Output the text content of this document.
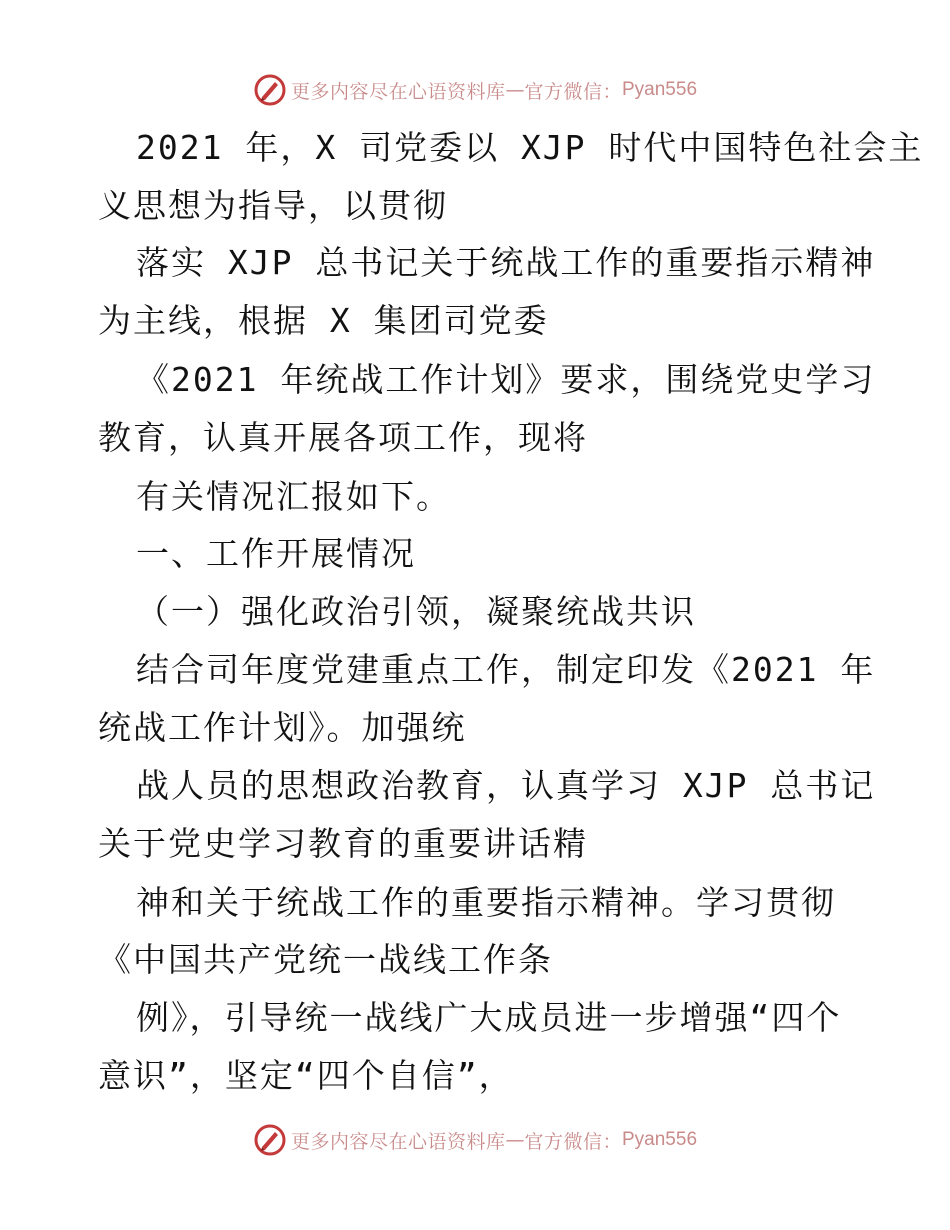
更多内容尽在心语资料库 — 官方微信： Pyan556
2021 年，X 司党委以 XJP 时代中国特色社会主
义思想为指导，以贯彻
落实 XJP 总书记关于统战工作的重要指示精神
为主线，根据 X 集团司党委
《2021 年统战工作计划》要求，围绕党史学习
教育，认真开展各项工作，现将
有关情况汇报如下。
一、工作开展情况
（一）强化政治引领，凝聚统战共识
结合司年度党建重点工作，制定印发《2021 年
统战工作计划》。加强统
战人员的思想政治教育，认真学习 XJP 总书记
关于党史学习教育的重要讲话精
神和关于统战工作的重要指示精神。学习贯彻
《中国共产党统一战线工作条
例》，引导统一战线广大成员进一步增强“四个
意识”，坚定“四个自信”，
更多内容尽在心语资料库 — 官方微信： Pyan556
